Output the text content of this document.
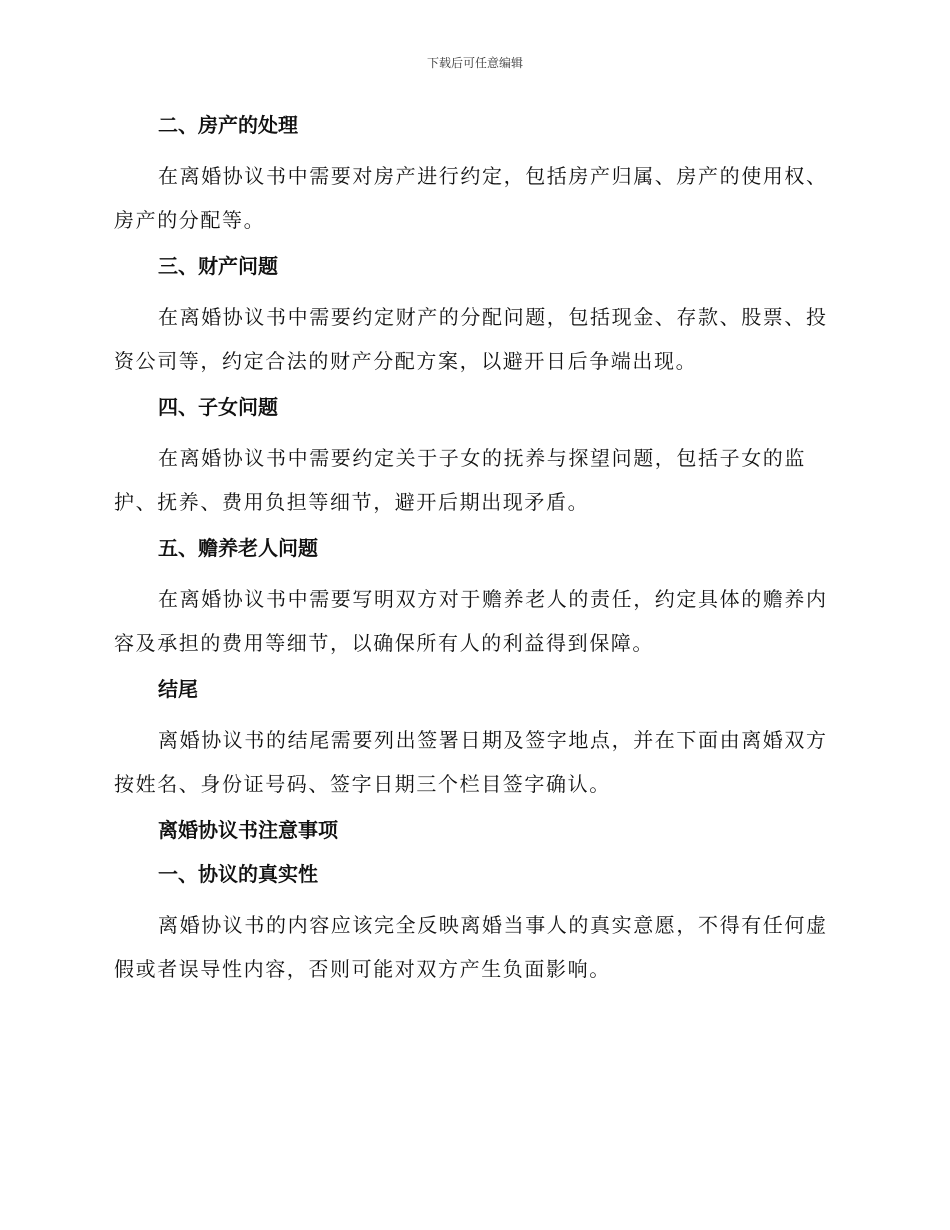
下载后可任意编辑

二、房产的处理

在离婚协议书中需要对房产进行约定，包括房产归属、房产的使用权、房产的分配等。

三、财产问题

在离婚协议书中需要约定财产的分配问题，包括现金、存款、股票、投资公司等，约定合法的财产分配方案，以避开日后争端出现。

四、子女问题

在离婚协议书中需要约定关于子女的抚养与探望问题，包括子女的监护、抚养、费用负担等细节，避开后期出现矛盾。

五、赡养老人问题

在离婚协议书中需要写明双方对于赡养老人的责任，约定具体的赡养内容及承担的费用等细节，以确保所有人的利益得到保障。

结尾

离婚协议书的结尾需要列出签署日期及签字地点，并在下面由离婚双方按姓名、身份证号码、签字日期三个栏目签字确认。

离婚协议书注意事项

一、协议的真实性

离婚协议书的内容应该完全反映离婚当事人的真实意愿，不得有任何虚假或者误导性内容，否则可能对双方产生负面影响。
